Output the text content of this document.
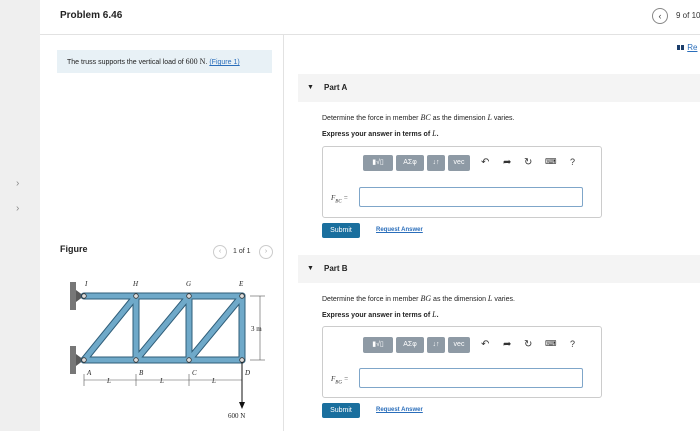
›
›
Problem 6.46	‹	9 of 10
Re
The truss supports the vertical load of 600 N. (Figure 1)
Figure	‹	1 of 1	›
I	H	G	E
A	B	C	D
3 m
L	L	L
600 N
▼ Part A
Determine the force in member BC as the dimension L varies.
Express your answer in terms of L.
▮√▯	ΑΣφ	↓↑	vec	↶ ➦ ↻ ⌨ ?
$F_{BC}$ =
Submit	Request Answer
▼ Part B
Determine the force in member BG as the dimension L varies.
Express your answer in terms of L.
▮√▯	ΑΣφ	↓↑	vec	↶ ➦ ↻ ⌨ ?
$F_{BG}$ =
Submit	Request Answer
